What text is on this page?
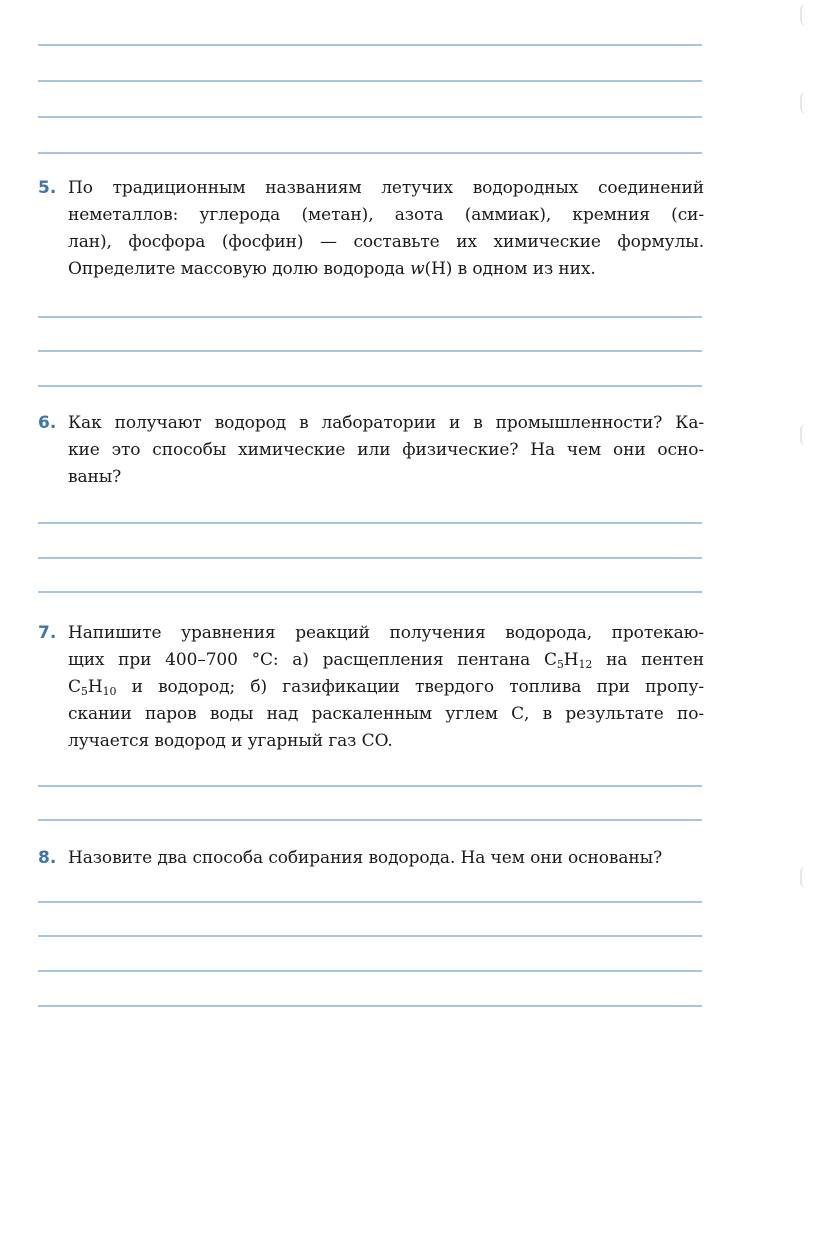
5. По традиционным названиям летучих водородных соединений
неметаллов: углерода (метан), азота (аммиак), кремния (си-
лан), фосфора (фосфин) — составьте их химические формулы.
Определите массовую долю водорода w(H) в одном из них.
6. Как получают водород в лаборатории и в промышленности? Ка-
кие это способы химические или физические? На чем они осно-
ваны?
7. Напишите уравнения реакций получения водорода, протекаю-
щих при 400–700 °С: а) расщепления пентана $C_5H_{12}$ на пентен
$C_5H_{10}$ и водород; б) газификации твердого топлива при пропу-
скании паров воды над раскаленным углем С, в результате по-
лучается водород и угарный газ CO.
8. Назовите два способа собирания водорода. На чем они основаны?
